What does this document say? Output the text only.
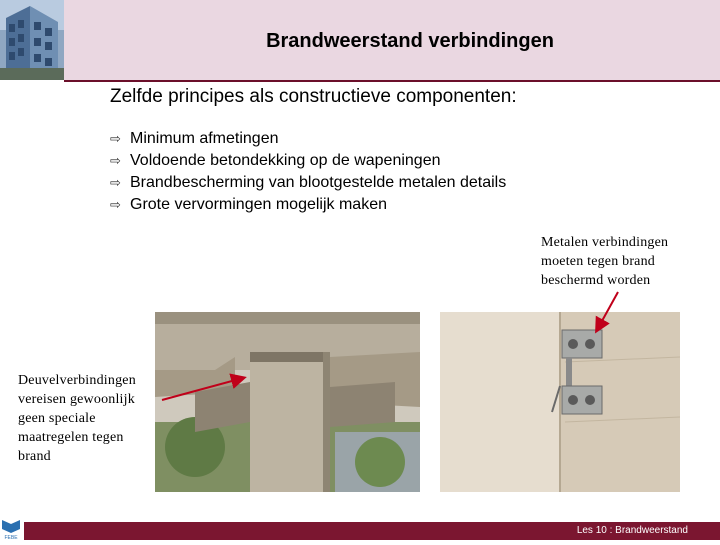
Brandweerstand verbindingen
Zelfde principes als constructieve componenten:
⇨ Minimum afmetingen
⇨ Voldoende betondekking op de wapeningen
⇨ Brandbescherming van blootgestelde metalen details
⇨ Grote vervormingen mogelijk maken
Metalen verbindingen
moeten tegen brand
beschermd worden
Deuvelverbindingen
vereisen gewoonlijk
geen speciale
maatregelen tegen
brand
FEBE
Les 10 : Brandweerstand
